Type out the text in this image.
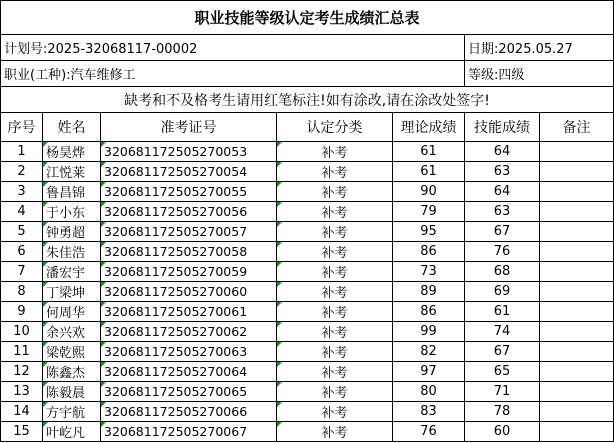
职业技能等级认定考生成绩汇总表						
计划号:2025-32068117-00002					日期:2025.05.27	
职业(工种):汽车维修工					等级:四级	
缺考和不及格考生请用红笔标注!如有涂改,请在涂改处签字!						
序号	姓名	准考证号	认定分类	理论成绩	技能成绩	备注
1	杨昊烨	320681172505270053	补考	61	64	
2	江悦莱	320681172505270054	补考	61	63	
3	鲁昌锦	320681172505270055	补考	90	64	
4	于小东	320681172505270056	补考	79	63	
5	钟勇超	320681172505270057	补考	95	67	
6	朱佳浩	320681172505270058	补考	86	76	
7	潘宏宇	320681172505270059	补考	73	68	
8	丁梁坤	320681172505270060	补考	89	69	
9	何周华	320681172505270061	补考	86	61	
10	余兴欢	320681172505270062	补考	99	74	
11	梁乾熙	320681172505270063	补考	82	67	
12	陈鑫杰	320681172505270064	补考	97	65	
13	陈毅晨	320681172505270065	补考	80	71	
14	方宇航	320681172505270066	补考	83	78	
15	叶屹凡	320681172505270067	补考	76	60	
